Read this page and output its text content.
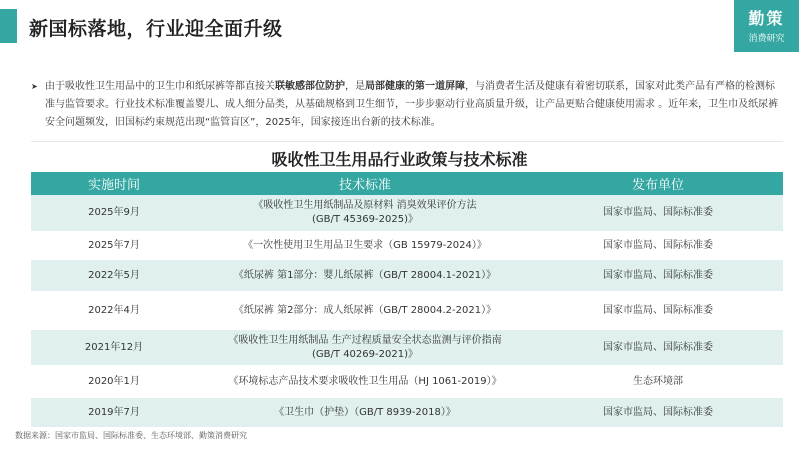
新国标落地，行业迎全面升级	勤策
消费研究
➤ 由于吸收性卫生用品中的卫生巾和纸尿裤等都直接关联敏感部位防护，是局部健康的第一道屏障，与消费者生活及健康有着密切联系，国家对此类产品有严格的检测标准与监管要求。行业技术标准覆盖婴儿、成人细分品类，从基础规格到卫生细节，一步步驱动行业高质量升级，让产品更贴合健康使用需求 。近年来，卫生巾及纸尿裤安全问题频发，旧国标约束规范出现“监管盲区”，2025年，国家接连出台新的技术标准。
吸收性卫生用品行业政策与技术标准
实施时间	技术标准	发布单位
2025年9月	《吸收性卫生用纸制品及原材料 消臭效果评价方法
(GB/T 45369-2025)》	国家市监局、国际标准委
2025年7月	《一次性使用卫生用品卫生要求（GB 15979-2024）》	国家市监局、国际标准委
2022年5月	《纸尿裤 第1部分：婴儿纸尿裤（GB/T 28004.1-2021）》	国家市监局、国际标准委
2022年4月	《纸尿裤 第2部分：成人纸尿裤（GB/T 28004.2-2021）》	国家市监局、国际标准委
2021年12月	《吸收性卫生用纸制品 生产过程质量安全状态监测与评价指南
(GB/T 40269-2021)》	国家市监局、国际标准委
2020年1月	《环境标志产品技术要求吸收性卫生用品（HJ 1061-2019）》	生态环境部
2019年7月	《卫生巾（护垫）（GB/T 8939-2018）》	国家市监局、国际标准委
数据来源：国家市监局、国际标准委、生态环境部、勤策消费研究
